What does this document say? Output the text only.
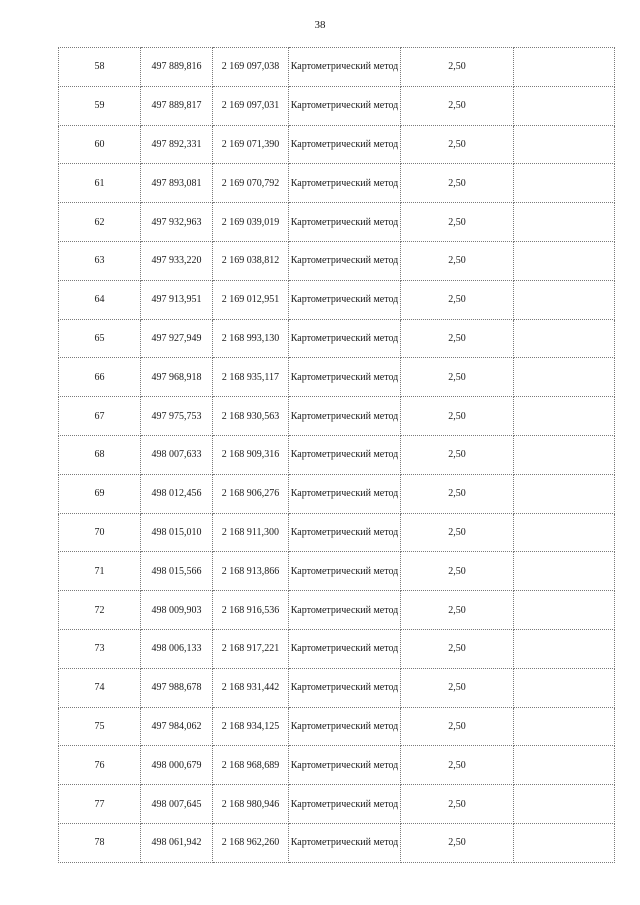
38
58	497 889,816	2 169 097,038	Картометрический метод	2,50	
59	497 889,817	2 169 097,031	Картометрический метод	2,50	
60	497 892,331	2 169 071,390	Картометрический метод	2,50	
61	497 893,081	2 169 070,792	Картометрический метод	2,50	
62	497 932,963	2 169 039,019	Картометрический метод	2,50	
63	497 933,220	2 169 038,812	Картометрический метод	2,50	
64	497 913,951	2 169 012,951	Картометрический метод	2,50	
65	497 927,949	2 168 993,130	Картометрический метод	2,50	
66	497 968,918	2 168 935,117	Картометрический метод	2,50	
67	497 975,753	2 168 930,563	Картометрический метод	2,50	
68	498 007,633	2 168 909,316	Картометрический метод	2,50	
69	498 012,456	2 168 906,276	Картометрический метод	2,50	
70	498 015,010	2 168 911,300	Картометрический метод	2,50	
71	498 015,566	2 168 913,866	Картометрический метод	2,50	
72	498 009,903	2 168 916,536	Картометрический метод	2,50	
73	498 006,133	2 168 917,221	Картометрический метод	2,50	
74	497 988,678	2 168 931,442	Картометрический метод	2,50	
75	497 984,062	2 168 934,125	Картометрический метод	2,50	
76	498 000,679	2 168 968,689	Картометрический метод	2,50	
77	498 007,645	2 168 980,946	Картометрический метод	2,50	
78	498 061,942	2 168 962,260	Картометрический метод	2,50	
